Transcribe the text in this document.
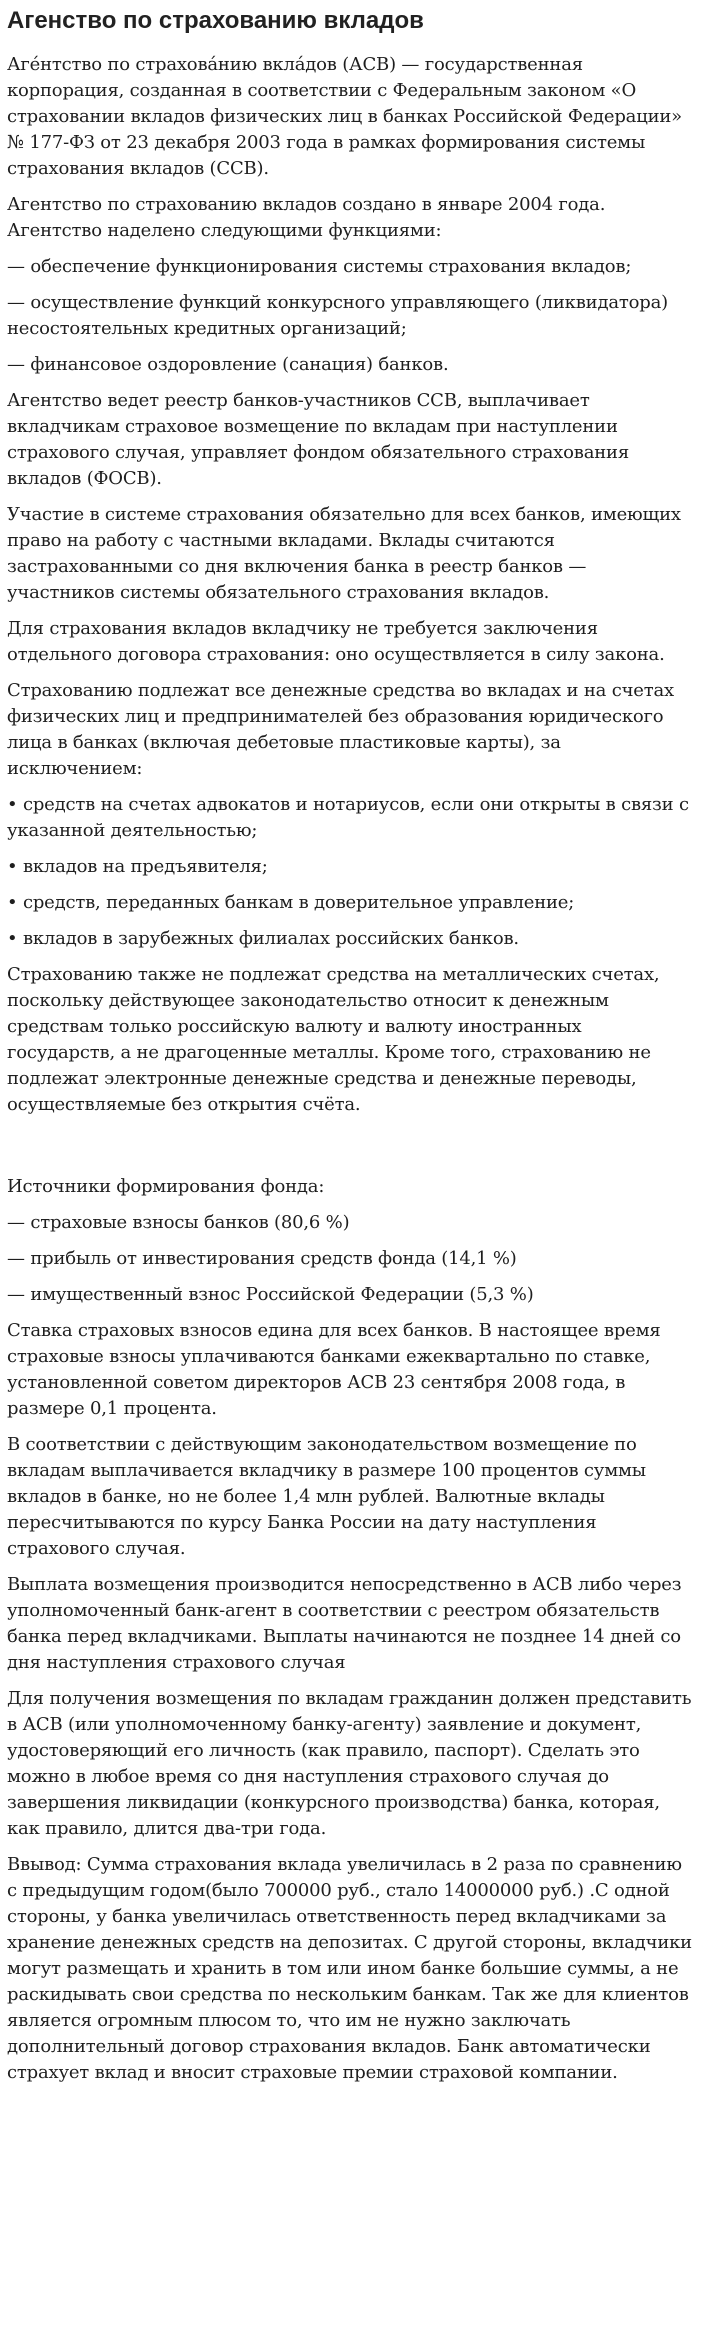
Агенство по страхованию вкладов

Аге́нтство по страхова́нию вкла́дов (АСВ) — государственная корпорация, созданная в соответствии с Федеральным законом «О страховании вкладов физических лиц в банках Российской Федерации» № 177-ФЗ от 23 декабря 2003 года в рамках формирования системы страхования вкладов (ССВ).

Агентство по страхованию вкладов создано в январе 2004 года. Агентство наделено следующими функциями:

— обеспечение функционирования системы страхования вкладов;

— осуществление функций конкурсного управляющего (ликвидатора) несостоятельных кредитных организаций;

— финансовое оздоровление (санация) банков.

Агентство ведет реестр банков-участников ССВ, выплачивает вкладчикам страховое возмещение по вкладам при наступлении страхового случая, управляет фондом обязательного страхования вкладов (ФОСВ).

Участие в системе страхования обязательно для всех банков, имеющих право на работу с частными вкладами. Вклады считаются застрахованными со дня включения банка в реестр банков — участников системы обязательного страхования вкладов.

Для страхования вкладов вкладчику не требуется заключения отдельного договора страхования: оно осуществляется в силу закона.

Страхованию подлежат все денежные средства во вкладах и на счетах физических лиц и предпринимателей без образования юридического лица в банках (включая дебетовые пластиковые карты), за исключением:

• средств на счетах адвокатов и нотариусов, если они открыты в связи с указанной деятельностью;

• вкладов на предъявителя;

• средств, переданных банкам в доверительное управление;

• вкладов в зарубежных филиалах российских банков.

Страхованию также не подлежат средства на металлических счетах, поскольку действующее законодательство относит к денежным средствам только российскую валюту и валюту иностранных государств, а не драгоценные металлы. Кроме того, страхованию не подлежат электронные денежные средства и денежные переводы, осуществляемые без открытия счёта.

Источники формирования фонда:

— страховые взносы банков (80,6 %)

— прибыль от инвестирования средств фонда (14,1 %)

— имущественный взнос Российской Федерации (5,3 %)

Ставка страховых взносов едина для всех банков. В настоящее время страховые взносы уплачиваются банками ежеквартально по ставке, установленной советом директоров АСВ 23 сентября 2008 года, в размере 0,1 процента.

В соответствии с действующим законодательством возмещение по вкладам выплачивается вкладчику в размере 100 процентов суммы вкладов в банке, но не более 1,4 млн рублей. Валютные вклады пересчитываются по курсу Банка России на дату наступления страхового случая.

Выплата возмещения производится непосредственно в АСВ либо через уполномоченный банк-агент в соответствии с реестром обязательств банка перед вкладчиками. Выплаты начинаются не позднее 14 дней со дня наступления страхового случая

Для получения возмещения по вкладам гражданин должен представить в АСВ (или уполномоченному банку-агенту) заявление и документ, удостоверяющий его личность (как правило, паспорт). Сделать это можно в любое время со дня наступления страхового случая до завершения ликвидации (конкурсного производства) банка, которая, как правило, длится два-три года.

Ввывод: Сумма страхования вклада увеличилась в 2 раза по сравнению с предыдущим годом(было 700000 руб., стало 14000000 руб.) .С одной стороны, у банка увеличилась ответственность перед вкладчиками за хранение денежных средств на депозитах. С другой стороны, вкладчики могут размещать и хранить в том или ином банке большие суммы, а не раскидывать свои средства по нескольким банкам. Так же для клиентов является огромным плюсом то, что им не нужно заключать дополнительный договор страхования вкладов. Банк автоматически страхует вклад и вносит страховые премии страховой компании.
